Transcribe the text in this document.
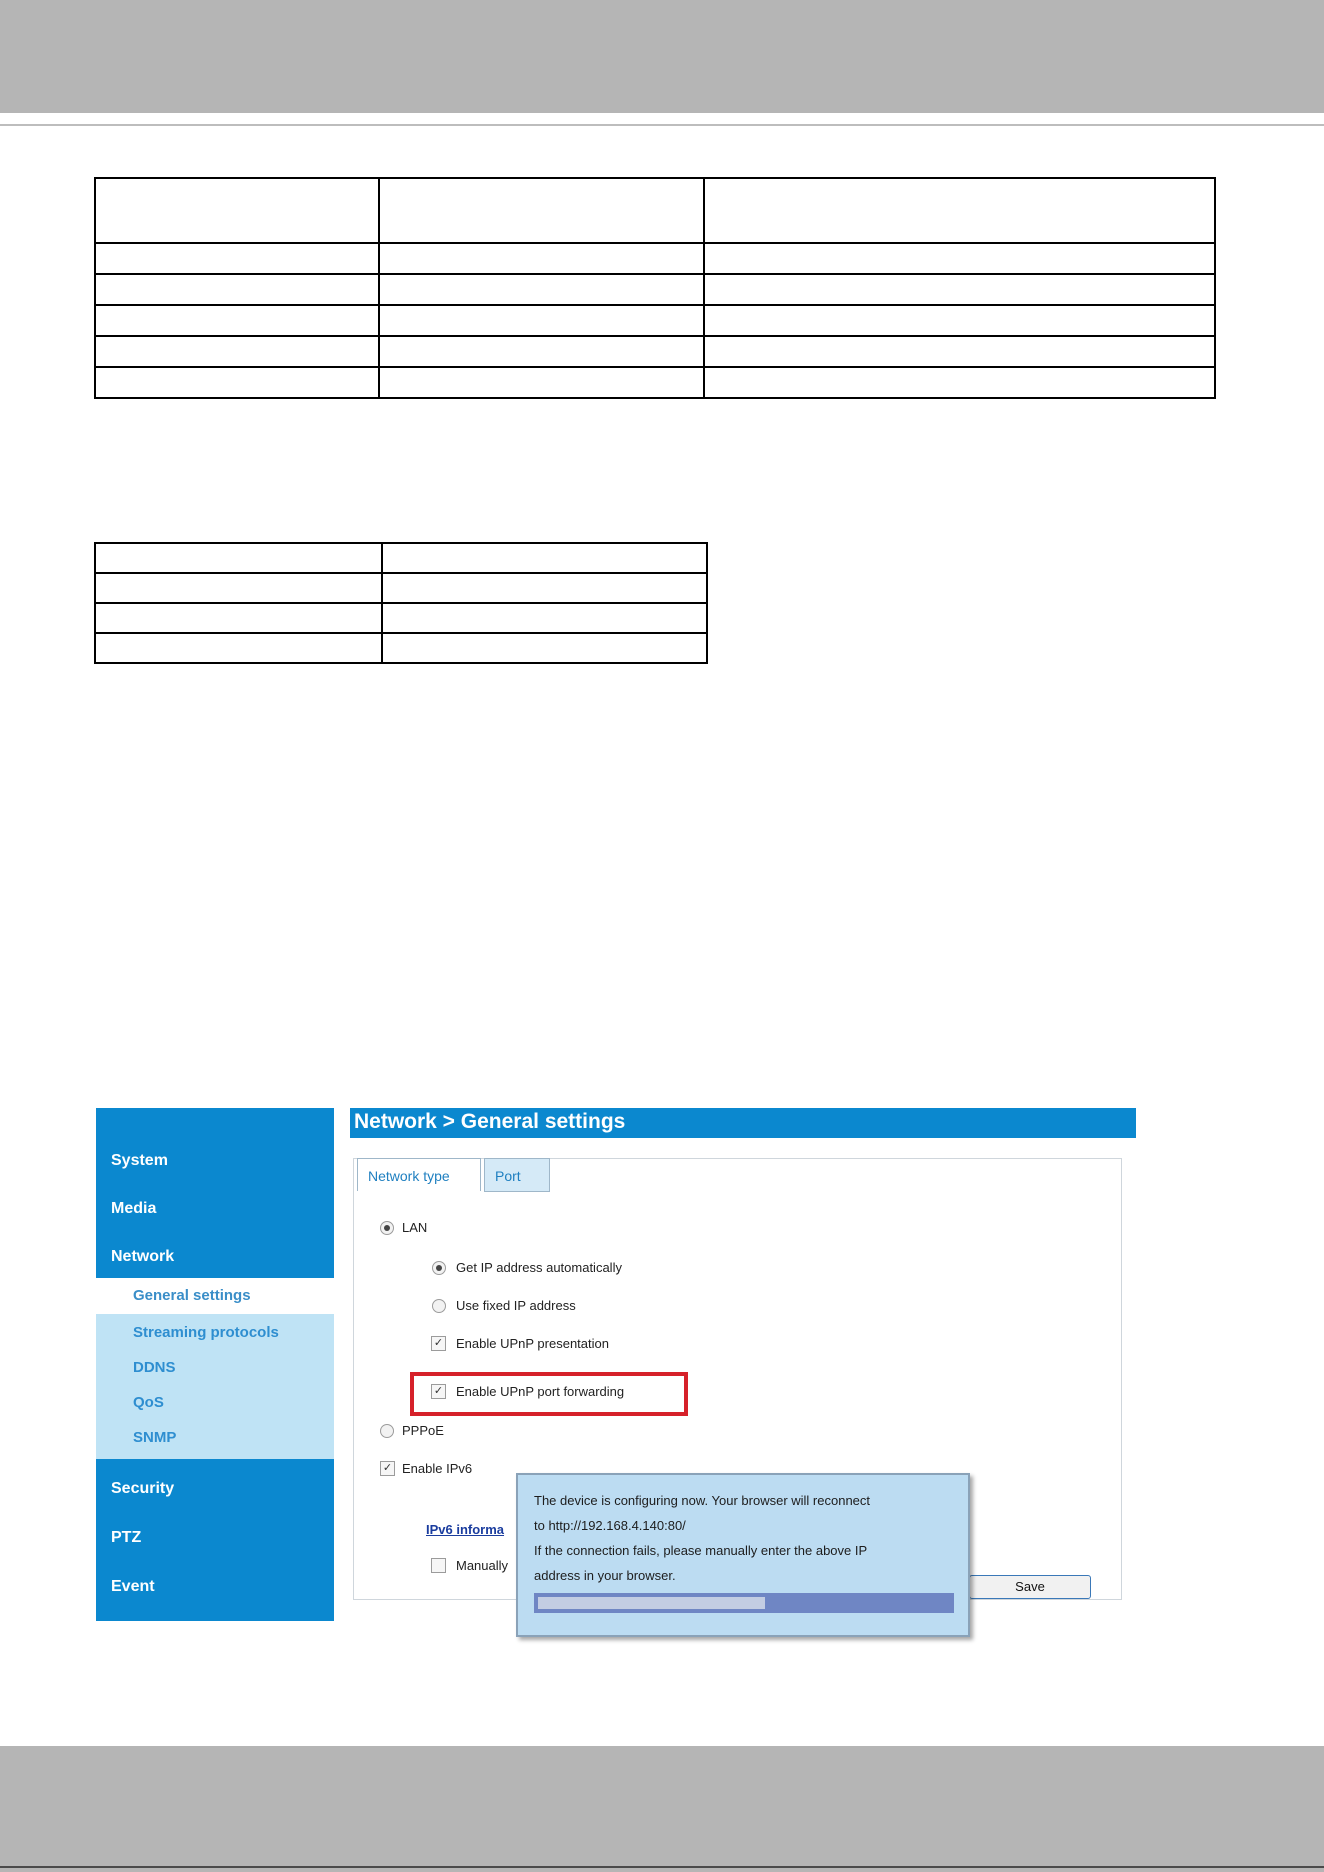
System
Media
Network
General settings
Streaming protocols
DDNS
QoS
SNMP
Security
PTZ
Event
Network > General settings
Network type	Port
LAN
Get IP address automatically
Use fixed IP address
✓ Enable UPnP presentation
✓ Enable UPnP port forwarding
PPPoE
✓ Enable IPv6
IPv6 informa
Manually
Save
The device is configuring now. Your browser will reconnect
to http://192.168.4.140:80/
If the connection fails, please manually enter the above IP
address in your browser.
